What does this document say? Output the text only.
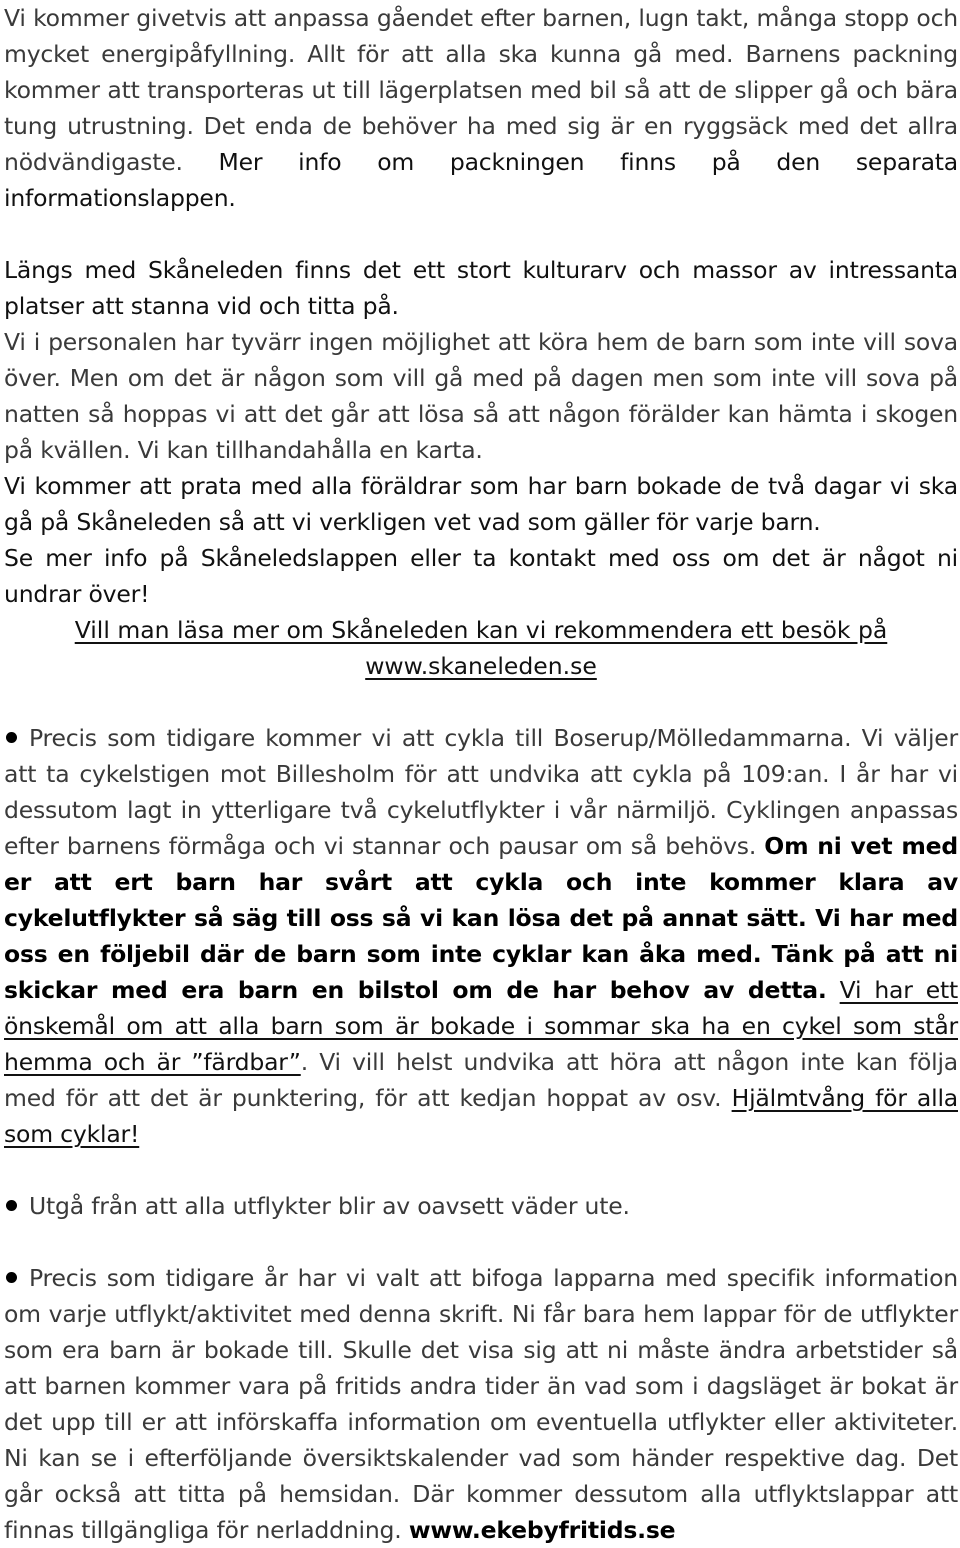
Vi kommer givetvis att anpassa gåendet efter barnen, lugn takt, många stopp och mycket energipåfyllning. Allt för att alla ska kunna gå med. Barnens packning kommer att transporteras ut till lägerplatsen med bil så att de slipper gå och bära tung utrustning. Det enda de behöver ha med sig är en ryggsäck med det allra nödvändigaste. Mer info om packningen finns på den separata informationslappen.

Längs med Skåneleden finns det ett stort kulturarv och massor av intressanta platser att stanna vid och titta på.

Vi i personalen har tyvärr ingen möjlighet att köra hem de barn som inte vill sova över. Men om det är någon som vill gå med på dagen men som inte vill sova på natten så hoppas vi att det går att lösa så att någon förälder kan hämta i skogen på kvällen. Vi kan tillhandahålla en karta.

Vi kommer att prata med alla föräldrar som har barn bokade de två dagar vi ska gå på Skåneleden så att vi verkligen vet vad som gäller för varje barn.

Se mer info på Skåneledslappen eller ta kontakt med oss om det är något ni undrar över!

Vill man läsa mer om Skåneleden kan vi rekommendera ett besök på

www.skaneleden.se

Precis som tidigare kommer vi att cykla till Boserup/Mölledammarna. Vi väljer att ta cykelstigen mot Billesholm för att undvika att cykla på 109:an. I år har vi dessutom lagt in ytterligare två cykelutflykter i vår närmiljö. Cyklingen anpassas efter barnens förmåga och vi stannar och pausar om så behövs. Om ni vet med er att ert barn har svårt att cykla och inte kommer klara av cykelutflykter så säg till oss så vi kan lösa det på annat sätt. Vi har med oss en följebil där de barn som inte cyklar kan åka med. Tänk på att ni skickar med era barn en bilstol om de har behov av detta. Vi har ett önskemål om att alla barn som är bokade i sommar ska ha en cykel som står hemma och är ”färdbar”. Vi vill helst undvika att höra att någon inte kan följa med för att det är punktering, för att kedjan hoppat av osv. Hjälmtvång för alla som cyklar!

Utgå från att alla utflykter blir av oavsett väder ute.

Precis som tidigare år har vi valt att bifoga lapparna med specifik information om varje utflykt/aktivitet med denna skrift. Ni får bara hem lappar för de utflykter som era barn är bokade till. Skulle det visa sig att ni måste ändra arbetstider så att barnen kommer vara på fritids andra tider än vad som i dagsläget är bokat är det upp till er att införskaffa information om eventuella utflykter eller aktiviteter. Ni kan se i efterföljande översiktskalender vad som händer respektive dag. Det går också att titta på hemsidan. Där kommer dessutom alla utflyktslappar att finnas tillgängliga för nerladdning. www.ekebyfritids.se
